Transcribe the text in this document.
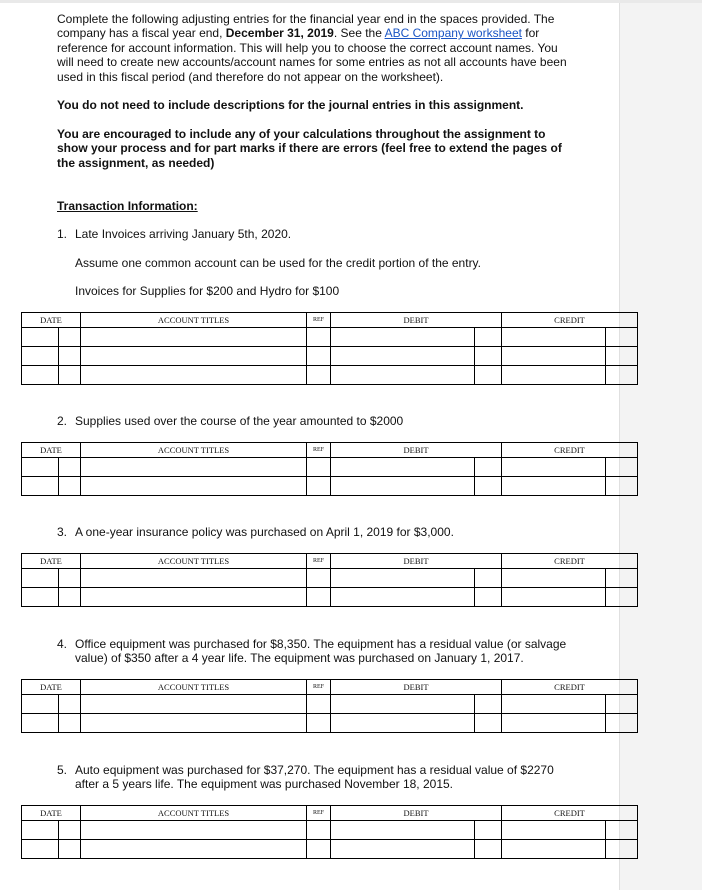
Complete the following adjusting entries for the financial year end in the spaces provided. The company has a fiscal year end, December 31, 2019. See the ABC Company worksheet for reference for account information. This will help you to choose the correct account names. You will need to create new accounts/account names for some entries as not all accounts have been used in this fiscal period (and therefore do not appear on the worksheet).
You do not need to include descriptions for the journal entries in this assignment.
You are encouraged to include any of your calculations throughout the assignment to show your process and for part marks if there are errors (feel free to extend the pages of the assignment, as needed)
Transaction Information:
1. Late Invoices arriving January 5th, 2020.
Assume one common account can be used for the credit portion of the entry.
Invoices for Supplies for $200 and Hydro for $100
DATE		ACCOUNT TITLES	REF	DEBIT		CREDIT	

2. Supplies used over the course of the year amounted to $2000
DATE		ACCOUNT TITLES	REF	DEBIT		CREDIT	

3. A one-year insurance policy was purchased on April 1, 2019 for $3,000.
DATE		ACCOUNT TITLES	REF	DEBIT		CREDIT	

4. Office equipment was purchased for $8,350. The equipment has a residual value (or salvage value) of $350 after a 4 year life. The equipment was purchased on January 1, 2017.
DATE		ACCOUNT TITLES	REF	DEBIT		CREDIT	

5. Auto equipment was purchased for $37,270. The equipment has a residual value of $2270 after a 5 years life. The equipment was purchased November 18, 2015.
DATE		ACCOUNT TITLES	REF	DEBIT		CREDIT	
